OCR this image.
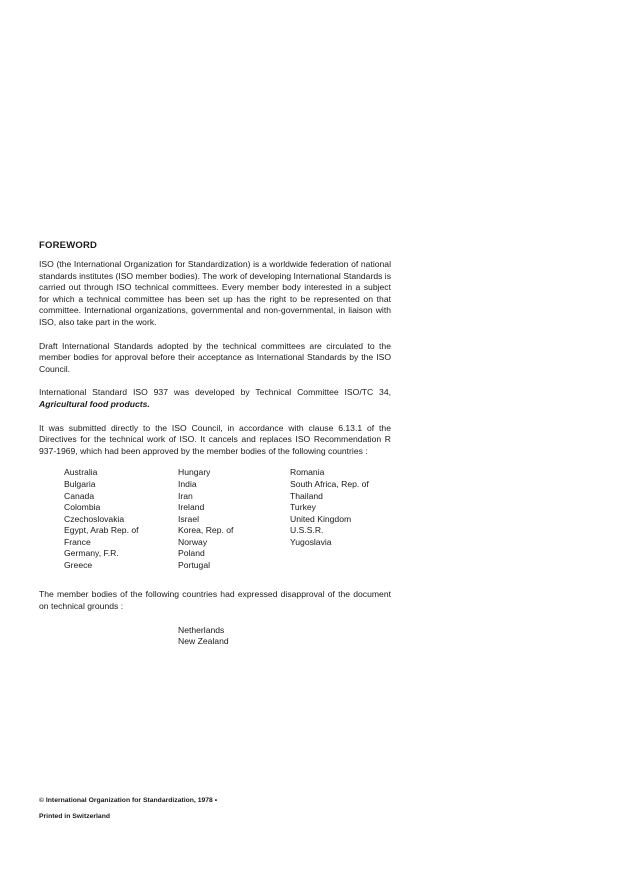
FOREWORD

ISO (the International Organization for Standardization) is a worldwide federation of national standards institutes (ISO member bodies). The work of developing International Standards is carried out through ISO technical committees. Every member body interested in a subject for which a technical committee has been set up has the right to be represented on that committee. International organizations, governmental and non-governmental, in liaison with ISO, also take part in the work.

Draft International Standards adopted by the technical committees are circulated to the member bodies for approval before their acceptance as International Standards by the ISO Council.

International Standard ISO 937 was developed by Technical Committee ISO/TC 34, Agricultural food products.

It was submitted directly to the ISO Council, in accordance with clause 6.13.1 of the Directives for the technical work of ISO. It cancels and replaces ISO Recommendation R 937-1969, which had been approved by the member bodies of the following countries :

Australia
Bulgaria
Canada
Colombia
Czechoslovakia
Egypt, Arab Rep. of
France
Germany, F.R.
Greece
Hungary
India
Iran
Ireland
Israel
Korea, Rep. of
Norway
Poland
Portugal
Romania
South Africa, Rep. of
Thailand
Turkey
United Kingdom
U.S.S.R.
Yugoslavia

The member bodies of the following countries had expressed disapproval of the document on technical grounds :

Netherlands
New Zealand
© International Organization for Standardization, 1978 •
Printed in Switzerland
